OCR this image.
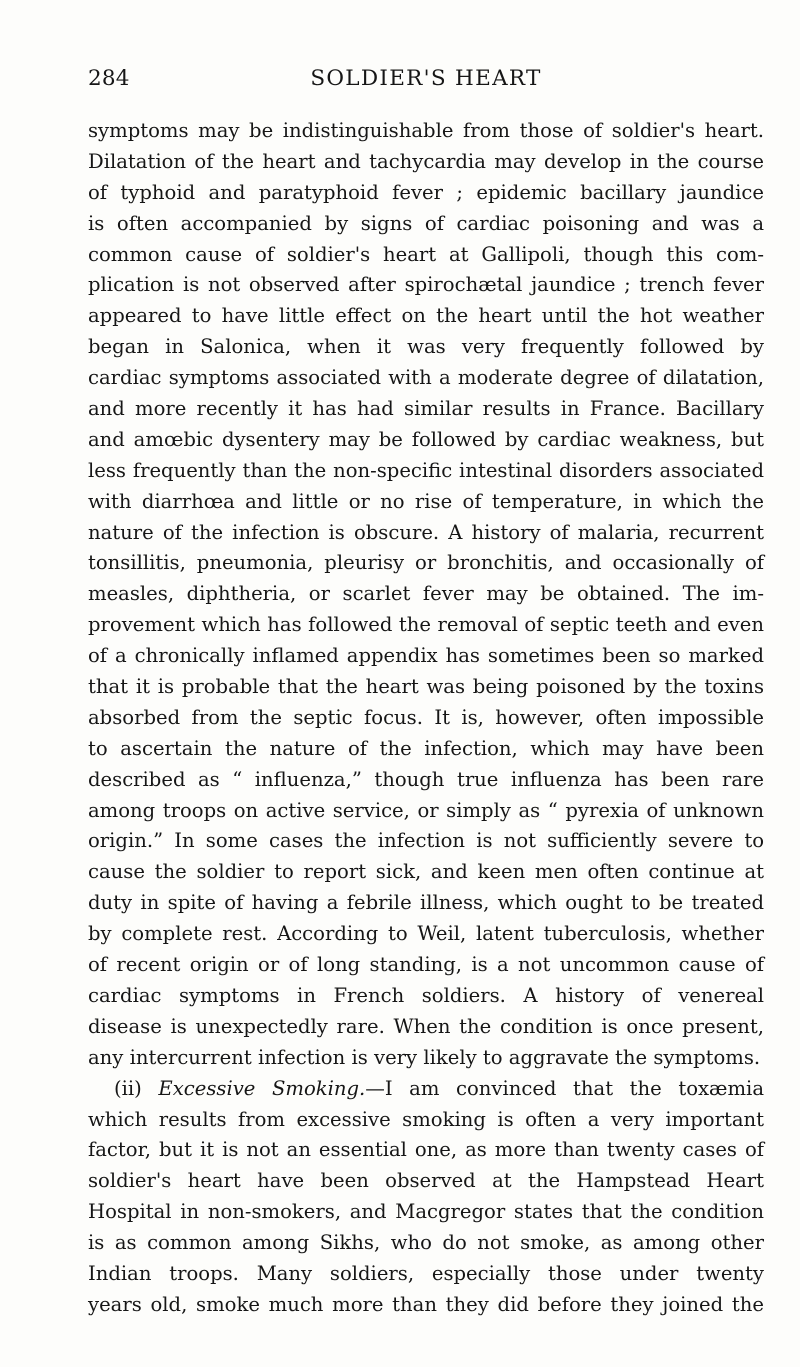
284	SOLDIER'S HEART
symptoms may be indistinguishable from those of soldier's heart.
Dilatation of the heart and tachycardia may develop in the course
of typhoid and paratyphoid fever ; epidemic bacillary jaundice
is often accompanied by signs of cardiac poisoning and was a
common cause of soldier's heart at Gallipoli, though this com-
plication is not observed after spirochætal jaundice ; trench fever
appeared to have little effect on the heart until the hot weather
began in Salonica, when it was very frequently followed by
cardiac symptoms associated with a moderate degree of dilatation,
and more recently it has had similar results in France. Bacillary
and amœbic dysentery may be followed by cardiac weakness, but
less frequently than the non-specific intestinal disorders associated
with diarrhœa and little or no rise of temperature, in which the
nature of the infection is obscure. A history of malaria, recurrent
tonsillitis, pneumonia, pleurisy or bronchitis, and occasionally of
measles, diphtheria, or scarlet fever may be obtained. The im-
provement which has followed the removal of septic teeth and even
of a chronically inflamed appendix has sometimes been so marked
that it is probable that the heart was being poisoned by the toxins
absorbed from the septic focus. It is, however, often impossible
to ascertain the nature of the infection, which may have been
described as “ influenza,” though true influenza has been rare
among troops on active service, or simply as “ pyrexia of unknown
origin.” In some cases the infection is not sufficiently severe to
cause the soldier to report sick, and keen men often continue at
duty in spite of having a febrile illness, which ought to be treated
by complete rest. According to Weil, latent tuberculosis, whether
of recent origin or of long standing, is a not uncommon cause of
cardiac symptoms in French soldiers. A history of venereal
disease is unexpectedly rare. When the condition is once present,
any intercurrent infection is very likely to aggravate the symptoms.
(ii) Excessive Smoking.—I am convinced that the toxæmia
which results from excessive smoking is often a very important
factor, but it is not an essential one, as more than twenty cases of
soldier's heart have been observed at the Hampstead Heart
Hospital in non-smokers, and Macgregor states that the condition
is as common among Sikhs, who do not smoke, as among other
Indian troops. Many soldiers, especially those under twenty
years old, smoke much more than they did before they joined the
